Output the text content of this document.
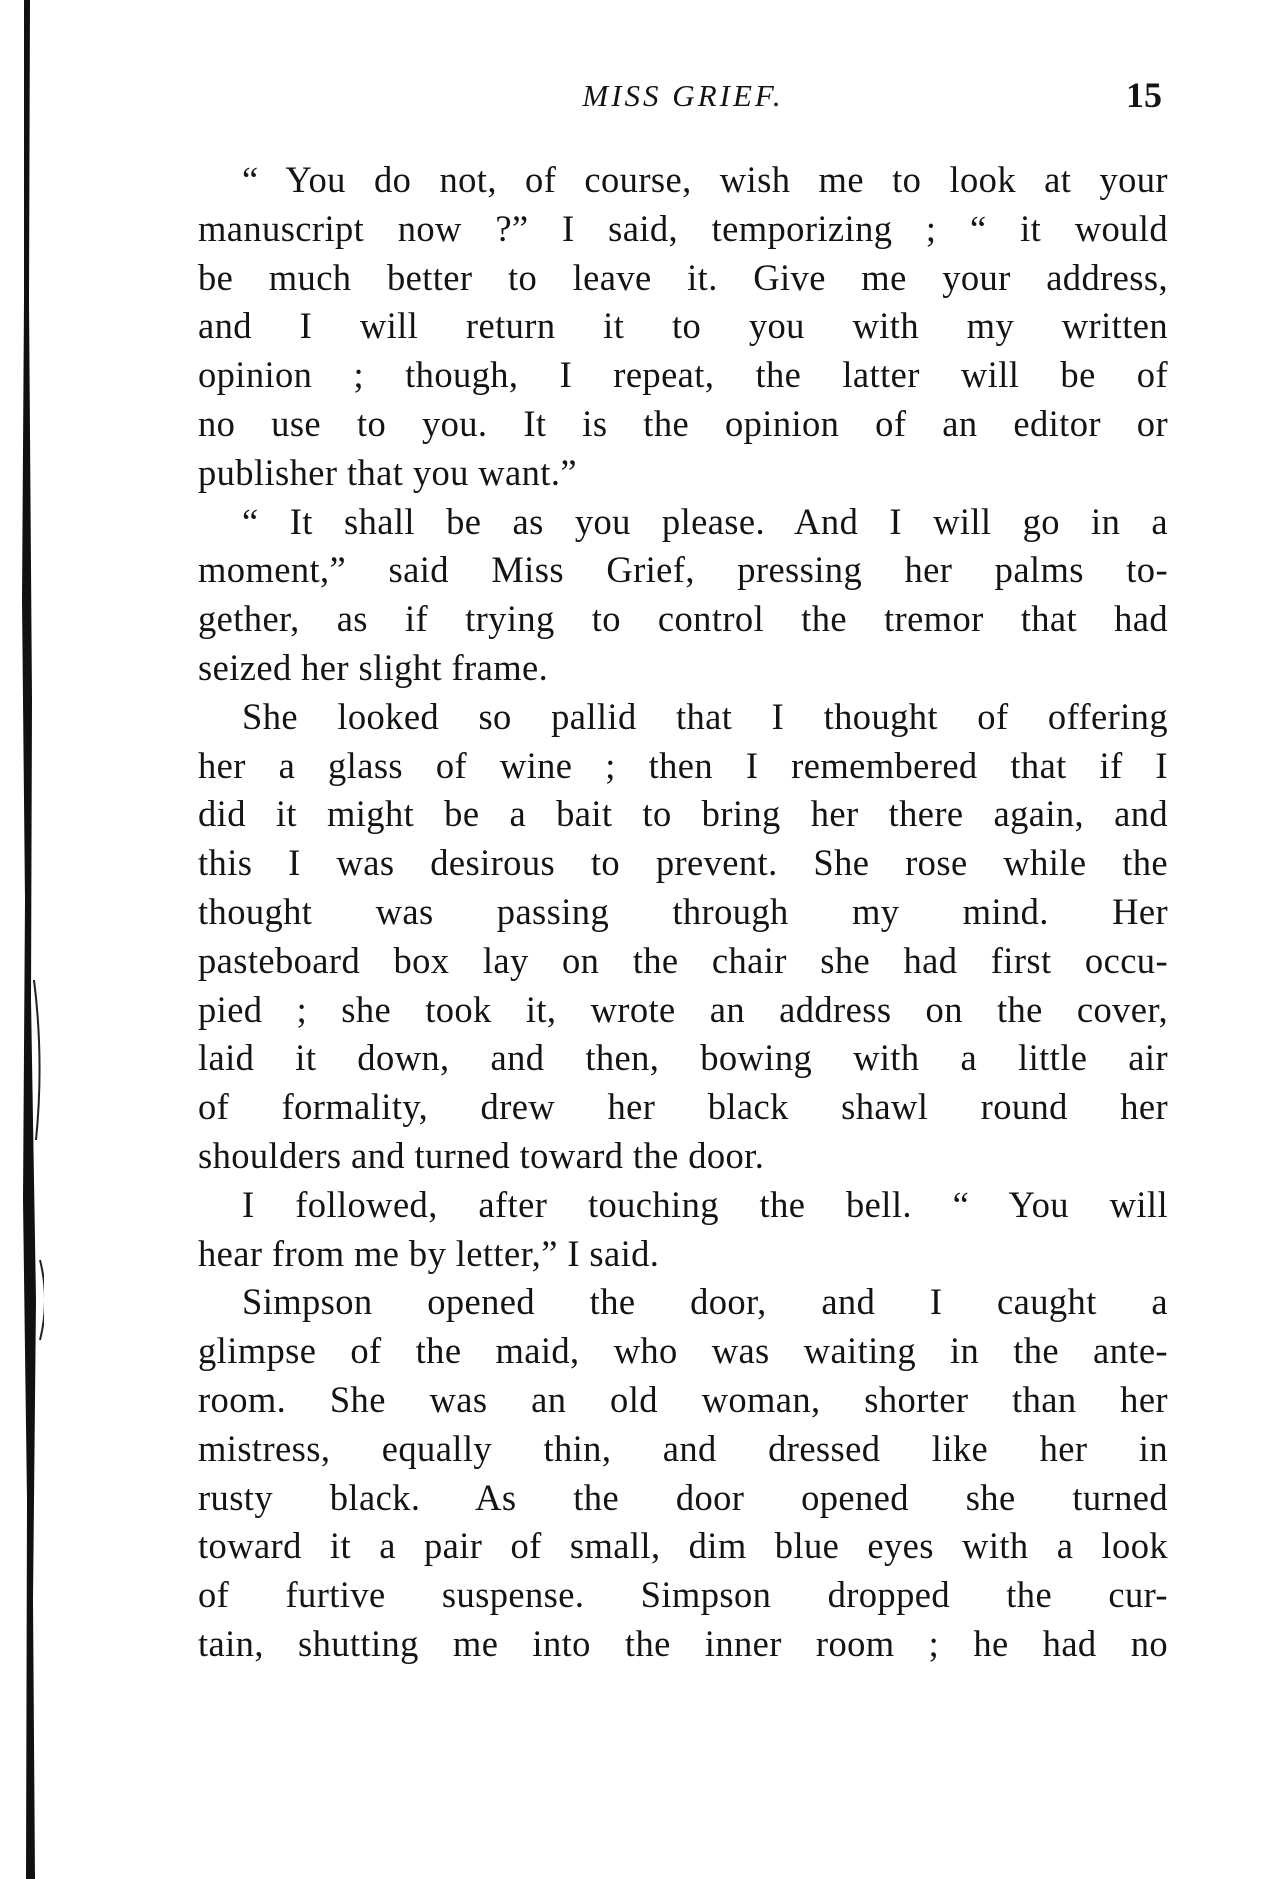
MISS GRIEF.	15
“ You do not, of course, wish me to look at your
manuscript now ?” I said, temporizing ; “ it would
be much better to leave it. Give me your address,
and I will return it to you with my written
opinion ; though, I repeat, the latter will be of
no use to you. It is the opinion of an editor or
publisher that you want.”
“ It shall be as you please. And I will go in a
moment,” said Miss Grief, pressing her palms to-
gether, as if trying to control the tremor that had
seized her slight frame.
She looked so pallid that I thought of offering
her a glass of wine ; then I remembered that if I
did it might be a bait to bring her there again, and
this I was desirous to prevent. She rose while the
thought was passing through my mind. Her
pasteboard box lay on the chair she had first occu-
pied ; she took it, wrote an address on the cover,
laid it down, and then, bowing with a little air
of formality, drew her black shawl round her
shoulders and turned toward the door.
I followed, after touching the bell. “ You will
hear from me by letter,” I said.
Simpson opened the door, and I caught a
glimpse of the maid, who was waiting in the ante-
room. She was an old woman, shorter than her
mistress, equally thin, and dressed like her in
rusty black. As the door opened she turned
toward it a pair of small, dim blue eyes with a look
of furtive suspense. Simpson dropped the cur-
tain, shutting me into the inner room ; he had no
